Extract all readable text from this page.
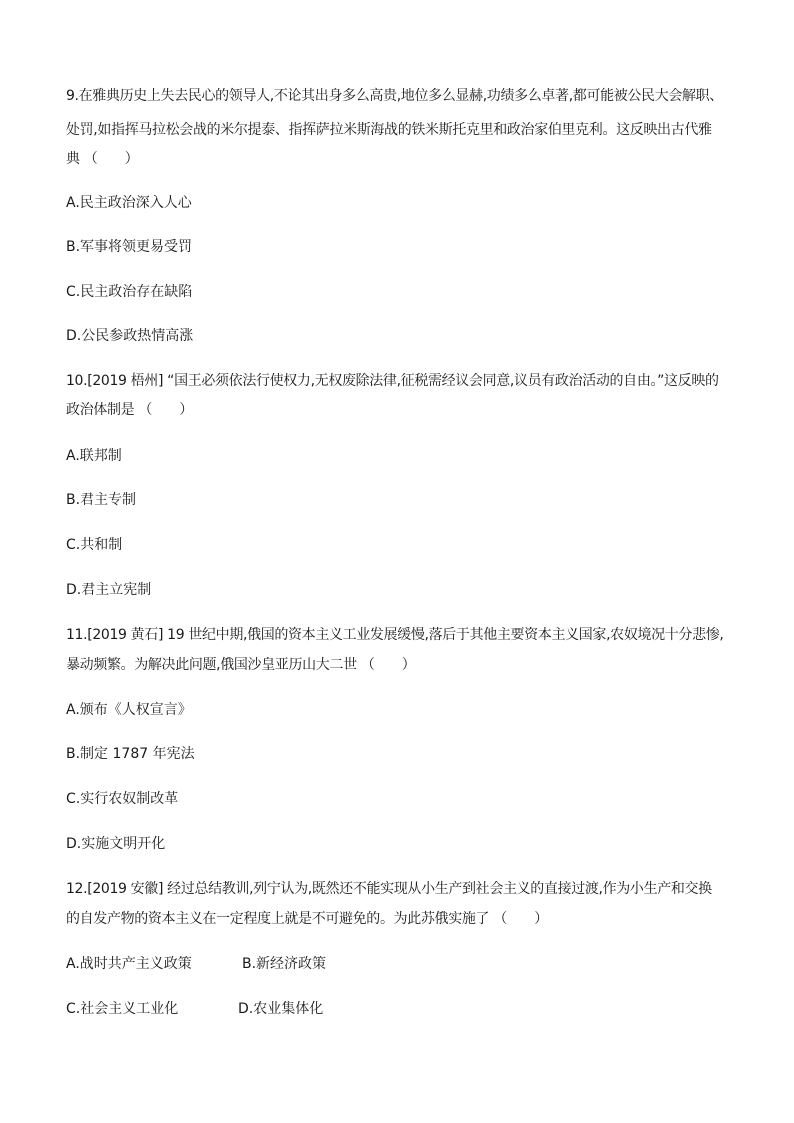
9.在雅典历史上失去民心的领导人,不论其出身多么高贵,地位多么显赫,功绩多么卓著,都可能被公民大会解职、
处罚,如指挥马拉松会战的米尔提泰、指挥萨拉米斯海战的铁米斯托克里和政治家伯里克利。这反映出古代雅
典 （　　）
A.民主政治深入人心
B.军事将领更易受罚
C.民主政治存在缺陷
D.公民参政热情高涨
10.[2019 梧州] “国王必须依法行使权力,无权废除法律,征税需经议会同意,议员有政治活动的自由。”这反映的
政治体制是 （　　）
A.联邦制
B.君主专制
C.共和制
D.君主立宪制
11.[2019 黄石] 19 世纪中期,俄国的资本主义工业发展缓慢,落后于其他主要资本主义国家,农奴境况十分悲惨,
暴动频繁。为解决此问题,俄国沙皇亚历山大二世 （　　）
A.颁布《人权宣言》
B.制定 1787 年宪法
C.实行农奴制改革
D.实施文明开化
12.[2019 安徽] 经过总结教训,列宁认为,既然还不能实现从小生产到社会主义的直接过渡,作为小生产和交换
的自发产物的资本主义在一定程度上就是不可避免的。为此苏俄实施了 （　　）
A.战时共产主义政策	B.新经济政策
C.社会主义工业化	D.农业集体化
